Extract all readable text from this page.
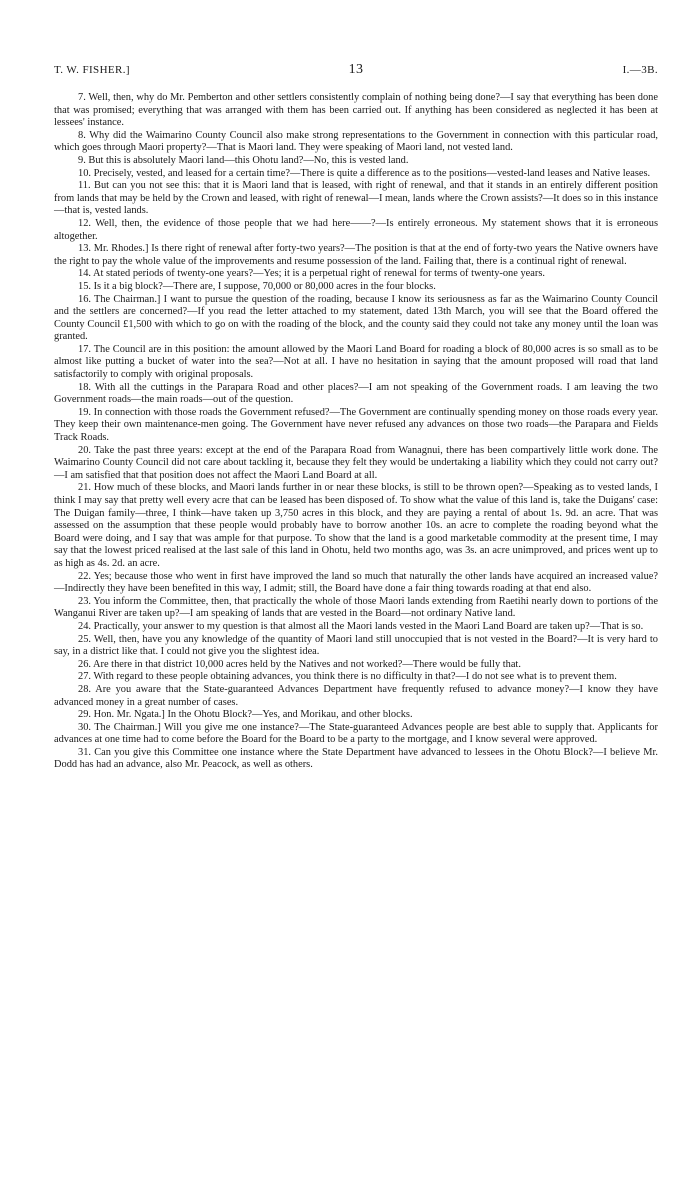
T. W. FISHER.]	13	I.—3B.

7. Well, then, why do Mr. Pemberton and other settlers consistently complain of nothing being done?—I say that everything has been done that was promised; everything that was arranged with them has been carried out. If anything has been considered as neglected it has been at lessees' instance.

8. Why did the Waimarino County Council also make strong representations to the Government in connection with this particular road, which goes through Maori property?—That is Maori land. They were speaking of Maori land, not vested land.

9. But this is absolutely Maori land—this Ohotu land?—No, this is vested land.

10. Precisely, vested, and leased for a certain time?—There is quite a difference as to the positions—vested-land leases and Native leases.

11. But can you not see this: that it is Maori land that is leased, with right of renewal, and that it stands in an entirely different position from lands that may be held by the Crown and leased, with right of renewal—I mean, lands where the Crown assists?—It does so in this instance—that is, vested lands.

12. Well, then, the evidence of those people that we had here——?—Is entirely erroneous. My statement shows that it is erroneous altogether.

13. Mr. Rhodes.] Is there right of renewal after forty-two years?—The position is that at the end of forty-two years the Native owners have the right to pay the whole value of the improvements and resume possession of the land. Failing that, there is a continual right of renewal.

14. At stated periods of twenty-one years?—Yes; it is a perpetual right of renewal for terms of twenty-one years.

15. Is it a big block?—There are, I suppose, 70,000 or 80,000 acres in the four blocks.

16. The Chairman.] I want to pursue the question of the roading, because I know its seriousness as far as the Waimarino County Council and the settlers are concerned?—If you read the letter attached to my statement, dated 13th March, you will see that the Board offered the County Council £1,500 with which to go on with the roading of the block, and the county said they could not take any money until the loan was granted.

17. The Council are in this position: the amount allowed by the Maori Land Board for roading a block of 80,000 acres is so small as to be almost like putting a bucket of water into the sea?—Not at all. I have no hesitation in saying that the amount proposed will road that land satisfactorily to comply with original proposals.

18. With all the cuttings in the Parapara Road and other places?—I am not speaking of the Government roads. I am leaving the two Government roads—the main roads—out of the question.

19. In connection with those roads the Government refused?—The Government are continually spending money on those roads every year. They keep their own maintenance-men going. The Government have never refused any advances on those two roads—the Parapara and Fields Track Roads.

20. Take the past three years: except at the end of the Parapara Road from Wanagnui, there has been compartively little work done. The Waimarino County Council did not care about tackling it, because they felt they would be undertaking a liability which they could not carry out?—I am satisfied that that position does not affect the Maori Land Board at all.

21. How much of these blocks, and Maori lands further in or near these blocks, is still to be thrown open?—Speaking as to vested lands, I think I may say that pretty well every acre that can be leased has been disposed of. To show what the value of this land is, take the Duigans' case: The Duigan family—three, I think—have taken up 3,750 acres in this block, and they are paying a rental of about 1s. 9d. an acre. That was assessed on the assumption that these people would probably have to borrow another 10s. an acre to complete the roading beyond what the Board were doing, and I say that was ample for that purpose. To show that the land is a good marketable commodity at the present time, I may say that the lowest priced realised at the last sale of this land in Ohotu, held two months ago, was 3s. an acre unimproved, and prices went up to as high as 4s. 2d. an acre.

22. Yes; because those who went in first have improved the land so much that naturally the other lands have acquired an increased value?—Indirectly they have been benefited in this way, I admit; still, the Board have done a fair thing towards roading at that end also.

23. You inform the Committee, then, that practically the whole of those Maori lands extending from Raetihi nearly down to portions of the Wanganui River are taken up?—I am speaking of lands that are vested in the Board—not ordinary Native land.

24. Practically, your answer to my question is that almost all the Maori lands vested in the Maori Land Board are taken up?—That is so.

25. Well, then, have you any knowledge of the quantity of Maori land still unoccupied that is not vested in the Board?—It is very hard to say, in a district like that. I could not give you the slightest idea.

26. Are there in that district 10,000 acres held by the Natives and not worked?—There would be fully that.

27. With regard to these people obtaining advances, you think there is no difficulty in that?—I do not see what is to prevent them.

28. Are you aware that the State-guaranteed Advances Department have frequently refused to advance money?—I know they have advanced money in a great number of cases.

29. Hon. Mr. Ngata.] In the Ohotu Block?—Yes, and Morikau, and other blocks.

30. The Chairman.] Will you give me one instance?—The State-guaranteed Advances people are best able to supply that. Applicants for advances at one time had to come before the Board for the Board to be a party to the mortgage, and I know several were approved.

31. Can you give this Committee one instance where the State Department have advanced to lessees in the Ohotu Block?—I believe Mr. Dodd has had an advance, also Mr. Peacock, as well as others.
